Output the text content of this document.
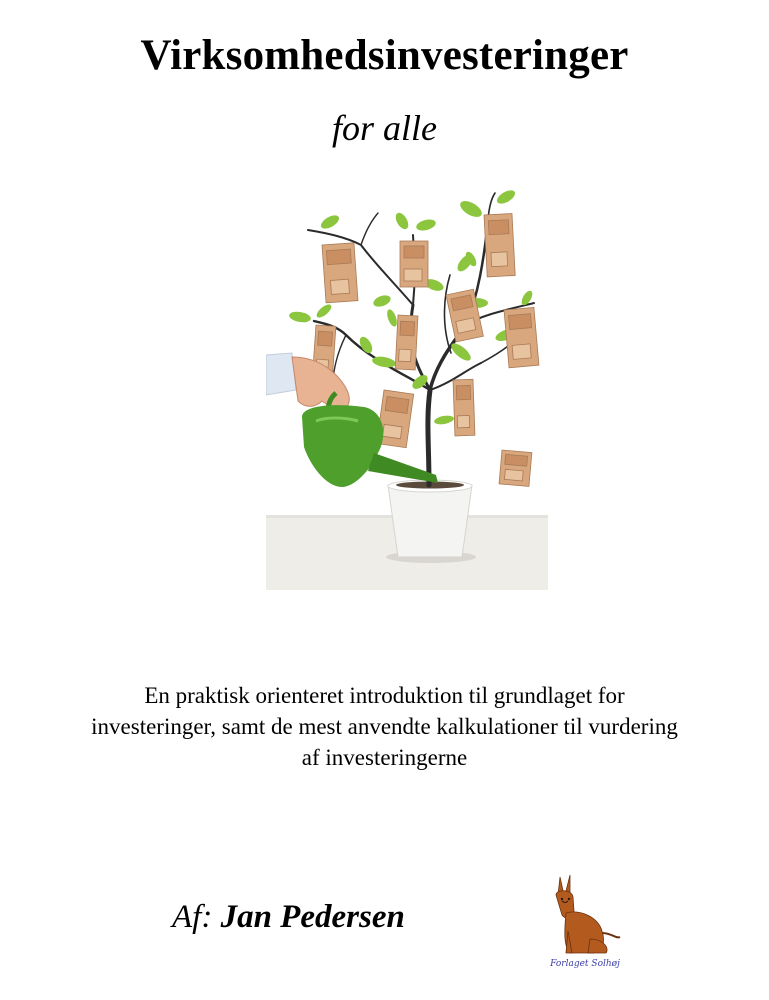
Virksomhedsinvesteringer
for alle
En praktisk orienteret introduktion til grundlaget for
investeringer, samt de mest anvendte kalkulationer til vurdering
af investeringerne
Af: Jan Pedersen
Forlaget Solhøj
